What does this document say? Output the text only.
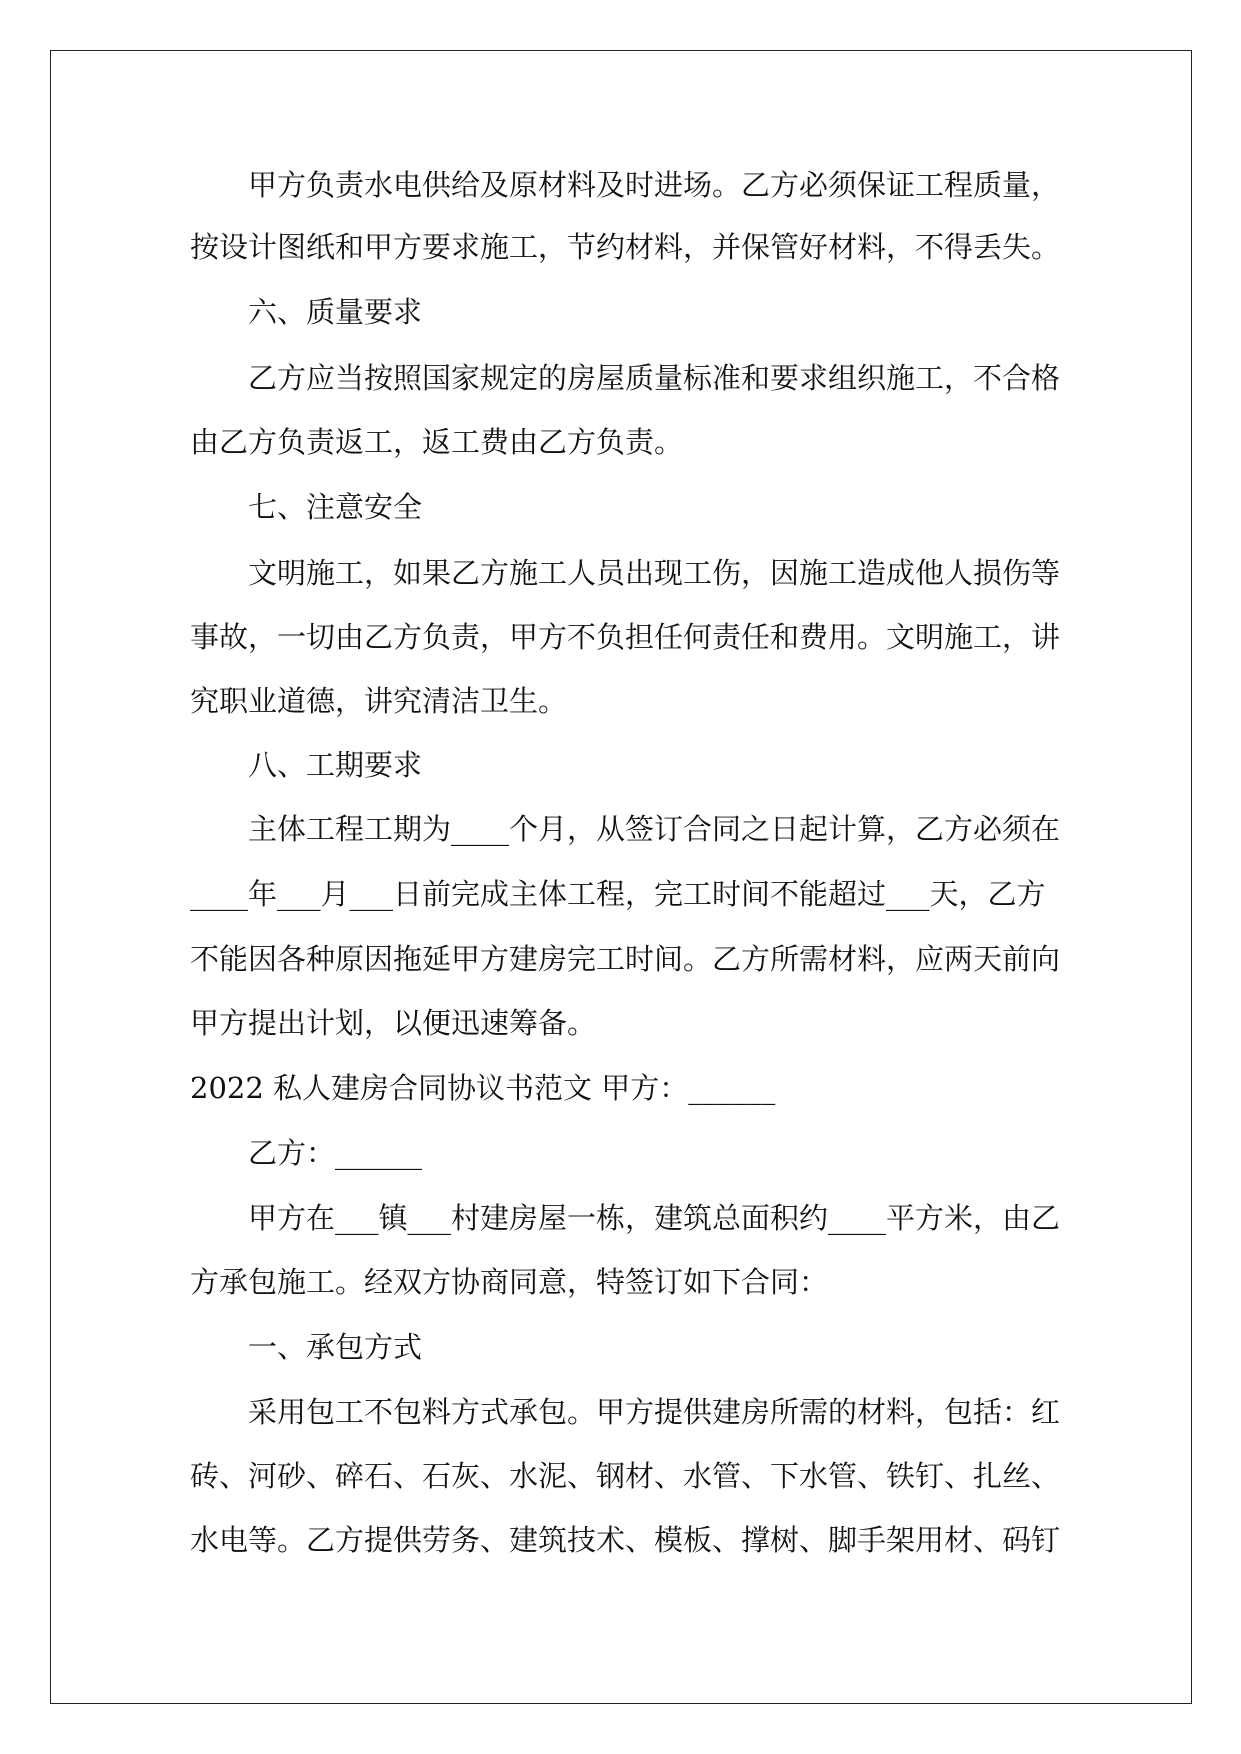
甲方负责水电供给及原材料及时进场。乙方必须保证工程质量，

按设计图纸和甲方要求施工，节约材料，并保管好材料，不得丢失。

六、质量要求

乙方应当按照国家规定的房屋质量标准和要求组织施工，不合格

由乙方负责返工，返工费由乙方负责。

七、注意安全

文明施工，如果乙方施工人员出现工伤，因施工造成他人损伤等

事故，一切由乙方负责，甲方不负担任何责任和费用。文明施工，讲

究职业道德，讲究清洁卫生。

八、工期要求

主体工程工期为____个月，从签订合同之日起计算，乙方必须在

____年___月___日前完成主体工程，完工时间不能超过___天，乙方

不能因各种原因拖延甲方建房完工时间。乙方所需材料，应两天前向

甲方提出计划，以便迅速筹备。

2022 私人建房合同协议书范文 甲方：______

乙方：______

甲方在___镇___村建房屋一栋，建筑总面积约____平方米，由乙

方承包施工。经双方协商同意，特签订如下合同：

一、承包方式

采用包工不包料方式承包。甲方提供建房所需的材料，包括：红

砖、河砂、碎石、石灰、水泥、钢材、水管、下水管、铁钉、扎丝、

水电等。乙方提供劳务、建筑技术、模板、撑树、脚手架用材、码钉
